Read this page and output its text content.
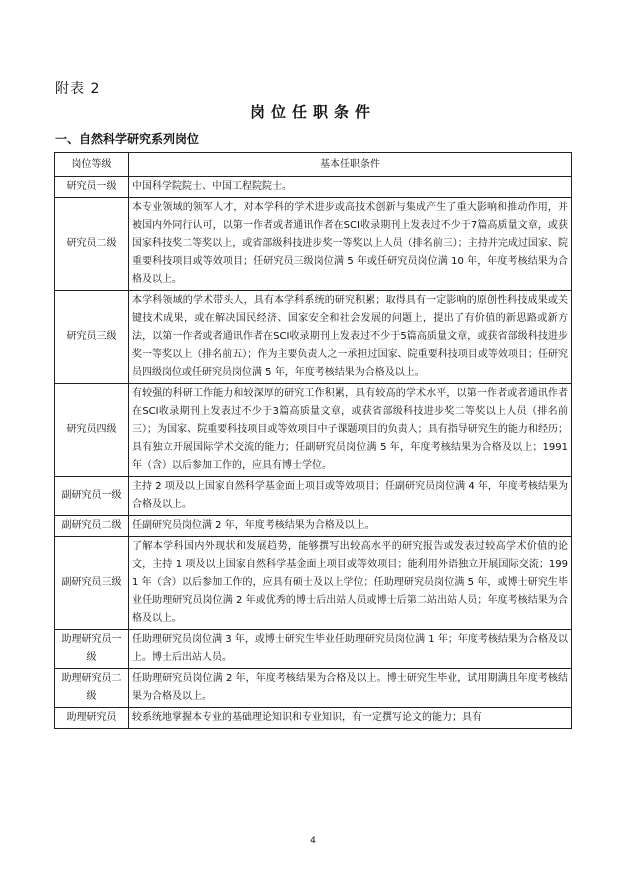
附表 2
岗位任职条件
一、自然科学研究系列岗位
岗位等级	基本任职条件
研究员一级	中国科学院院士、中国工程院院士。
研究员二级	本专业领域的领军人才，对本学科的学术进步或高技术创新与集成产生了重大影响和推动作用，并被国内外同行认可，以第一作者或者通讯作者在SCI收录期刊上发表过不少于7篇高质量文章，或获国家科技奖二等奖以上，或省部级科技进步奖一等奖以上人员（排名前三）；主持并完成过国家、院重要科技项目或等效项目；任研究员三级岗位满 5 年或任研究员岗位满 10 年，年度考核结果为合格及以上。
研究员三级	本学科领域的学术带头人，具有本学科系统的研究积累；取得具有一定影响的原创性科技成果或关键技术成果，或在解决国民经济、国家安全和社会发展的问题上，提出了有价值的新思路或新方法，以第一作者或者通讯作者在SCI收录期刊上发表过不少于5篇高质量文章，或获省部级科技进步奖一等奖以上（排名前五）；作为主要负责人之一承担过国家、院重要科技项目或等效项目；任研究员四级岗位或任研究员岗位满 5 年，年度考核结果为合格及以上。
研究员四级	有较强的科研工作能力和较深厚的研究工作积累，具有较高的学术水平，以第一作者或者通讯作者在SCI收录期刊上发表过不少于3篇高质量文章，或获省部级科技进步奖二等奖以上人员（排名前三）；为国家、院重要科技项目或等效项目中子课题项目的负责人；具有指导研究生的能力和经历；具有独立开展国际学术交流的能力；任副研究员岗位满 5 年，年度考核结果为合格及以上；1991 年（含）以后参加工作的，应具有博士学位。
副研究员一级	主持 2 项及以上国家自然科学基金面上项目或等效项目；任副研究员岗位满 4 年，年度考核结果为合格及以上。
副研究员二级	任副研究员岗位满 2 年，年度考核结果为合格及以上。
副研究员三级	了解本学科国内外现状和发展趋势，能够撰写出较高水平的研究报告或发表过较高学术价值的论文，主持 1 项及以上国家自然科学基金面上项目或等效项目；能利用外语独立开展国际交流；1991 年（含）以后参加工作的，应具有硕士及以上学位；任助理研究员岗位满 5 年，或博士研究生毕业任助理研究员岗位满 2 年或优秀的博士后出站人员或博士后第二站出站人员；年度考核结果为合格及以上。
助理研究员一级	任助理研究员岗位满 3 年，或博士研究生毕业任助理研究员岗位满 1 年；年度考核结果为合格及以上。博士后出站人员。
助理研究员二级	任助理研究员岗位满 2 年，年度考核结果为合格及以上。博士研究生毕业，试用期满且年度考核结果为合格及以上。
助理研究员	较系统地掌握本专业的基础理论知识和专业知识，有一定撰写论文的能力；具有
4
